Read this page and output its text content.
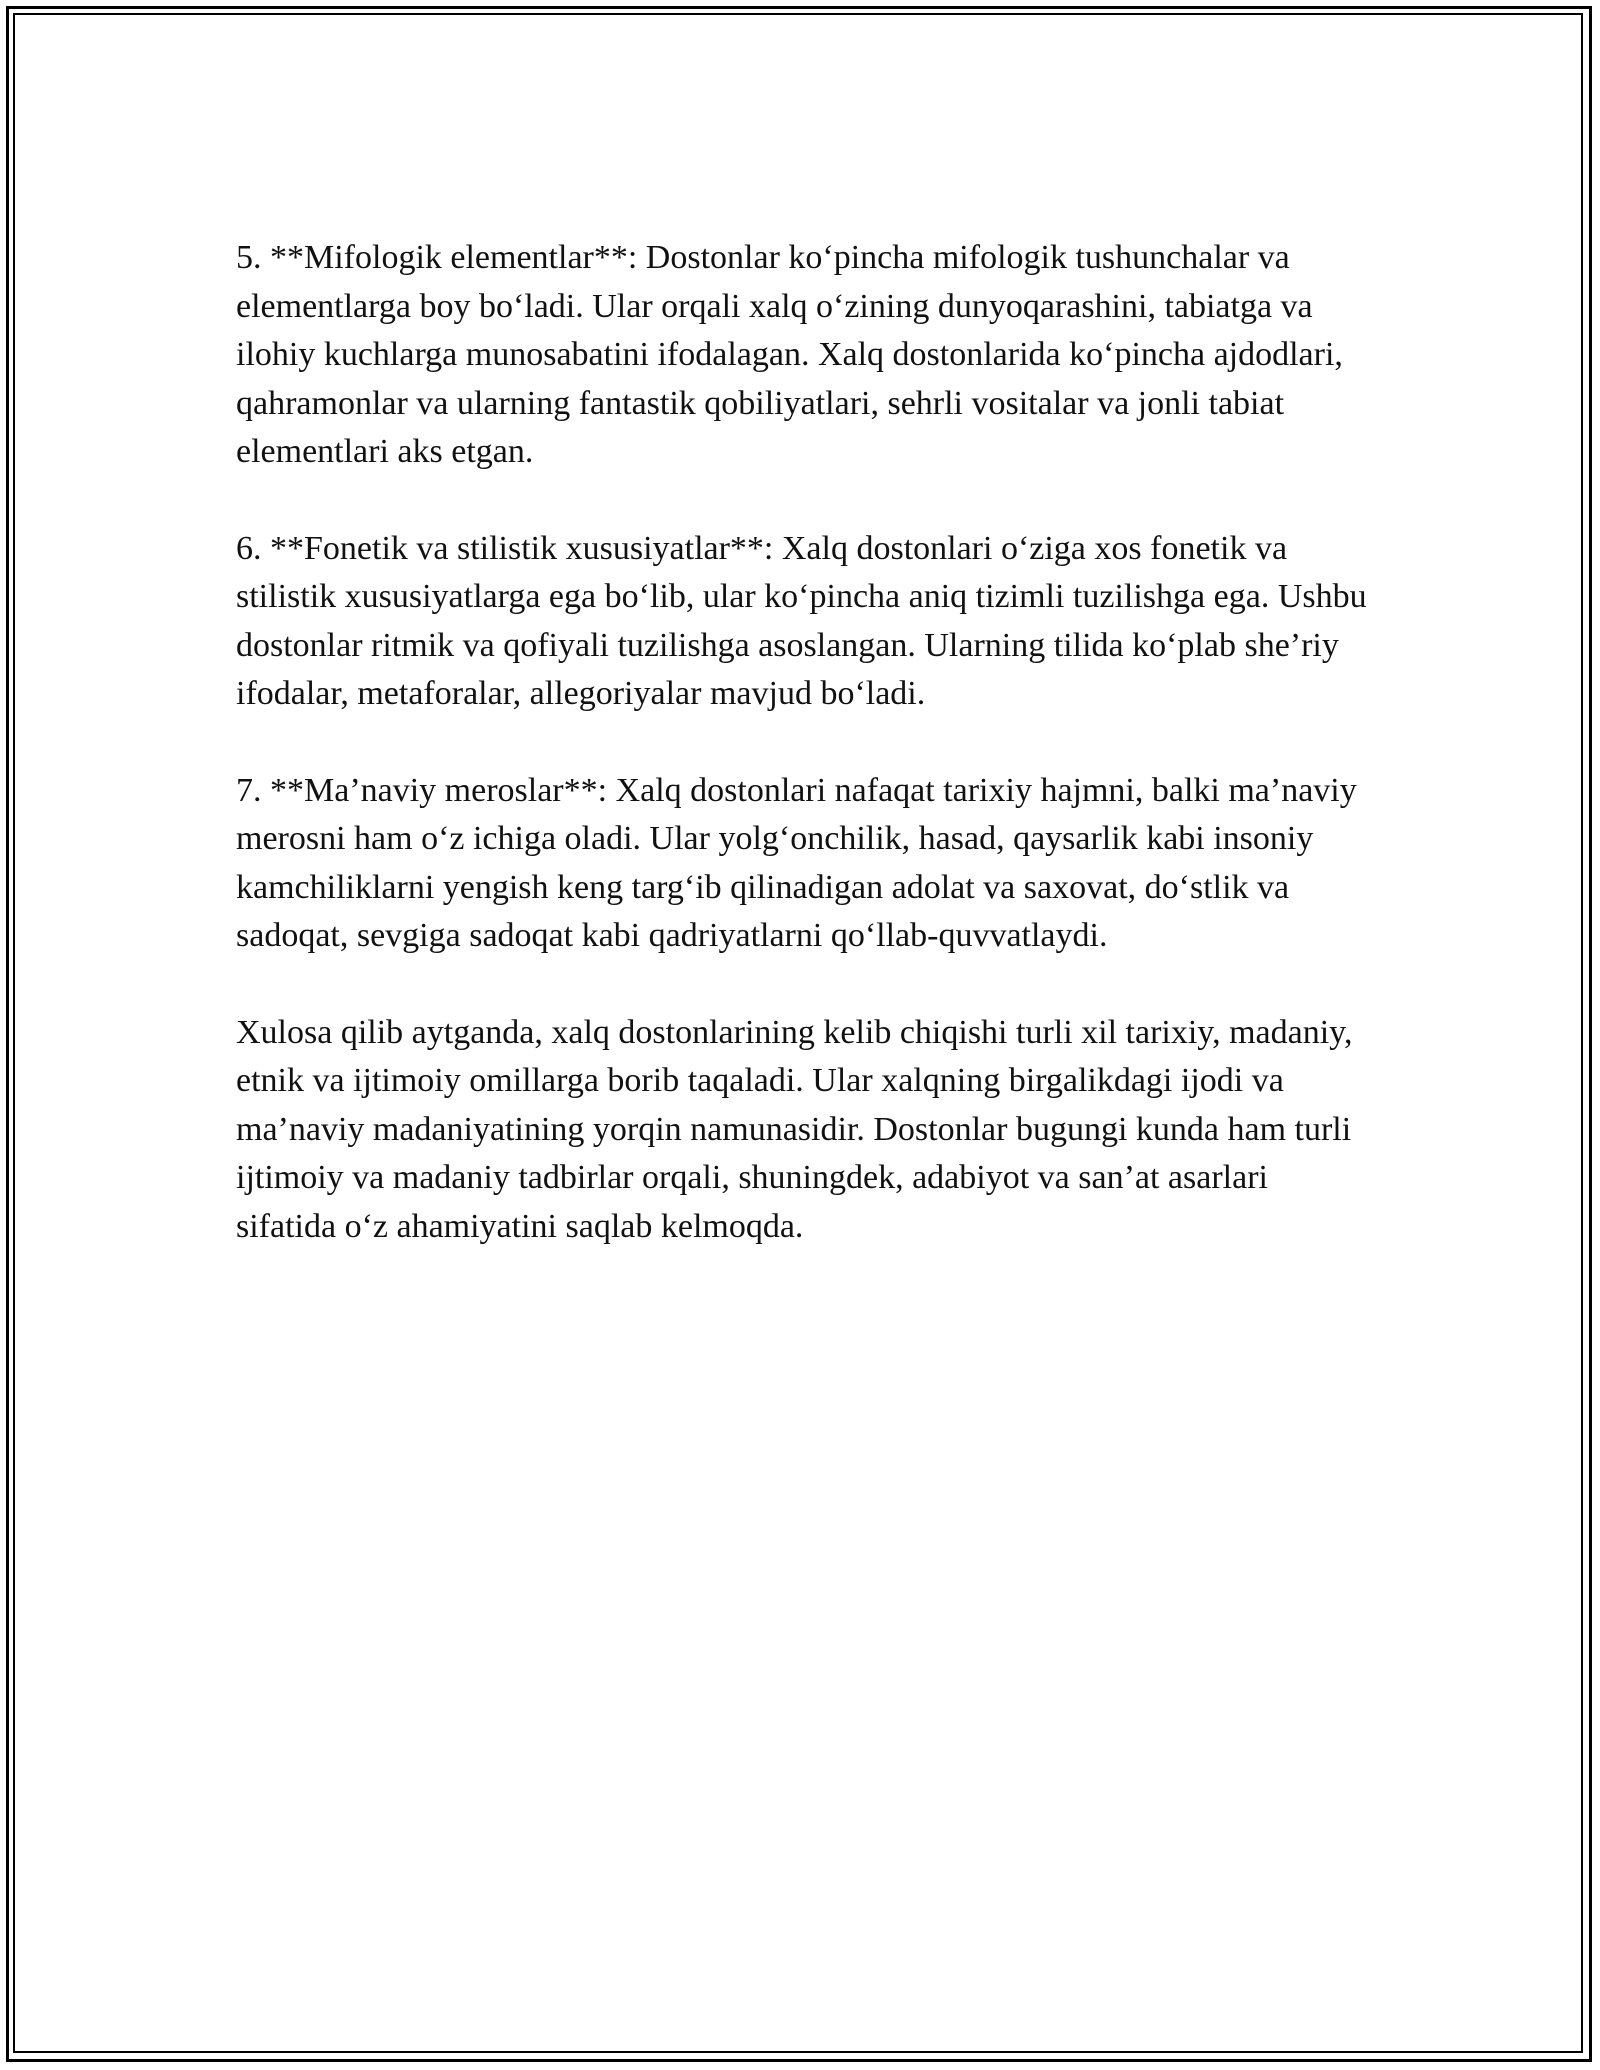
5. **Mifologik elementlar**: Dostonlar ko‘pincha mifologik tushunchalar va elementlarga boy bo‘ladi. Ular orqali xalq o‘zining dunyoqarashini, tabiatga va ilohiy kuchlarga munosabatini ifodalagan. Xalq dostonlarida ko‘pincha ajdodlari, qahramonlar va ularning fantastik qobiliyatlari, sehrli vositalar va jonli tabiat elementlari aks etgan.

6. **Fonetik va stilistik xususiyatlar**: Xalq dostonlari o‘ziga xos fonetik va stilistik xususiyatlarga ega bo‘lib, ular ko‘pincha aniq tizimli tuzilishga ega. Ushbu dostonlar ritmik va qofiyali tuzilishga asoslangan. Ularning tilida ko‘plab she’riy ifodalar, metaforalar, allegoriyalar mavjud bo‘ladi.

7. **Ma’naviy meroslar**: Xalq dostonlari nafaqat tarixiy hajmni, balki ma’naviy merosni ham o‘z ichiga oladi. Ular yolg‘onchilik, hasad, qaysarlik kabi insoniy kamchiliklarni yengish keng targ‘ib qilinadigan adolat va saxovat, do‘stlik va sadoqat, sevgiga sadoqat kabi qadriyatlarni qo‘llab-quvvatlaydi.

Xulosa qilib aytganda, xalq dostonlarining kelib chiqishi turli xil tarixiy, madaniy, etnik va ijtimoiy omillarga borib taqaladi. Ular xalqning birgalikdagi ijodi va ma’naviy madaniyatining yorqin namunasidir. Dostonlar bugungi kunda ham turli ijtimoiy va madaniy tadbirlar orqali, shuningdek, adabiyot va san’at asarlari sifatida o‘z ahamiyatini saqlab kelmoqda.
